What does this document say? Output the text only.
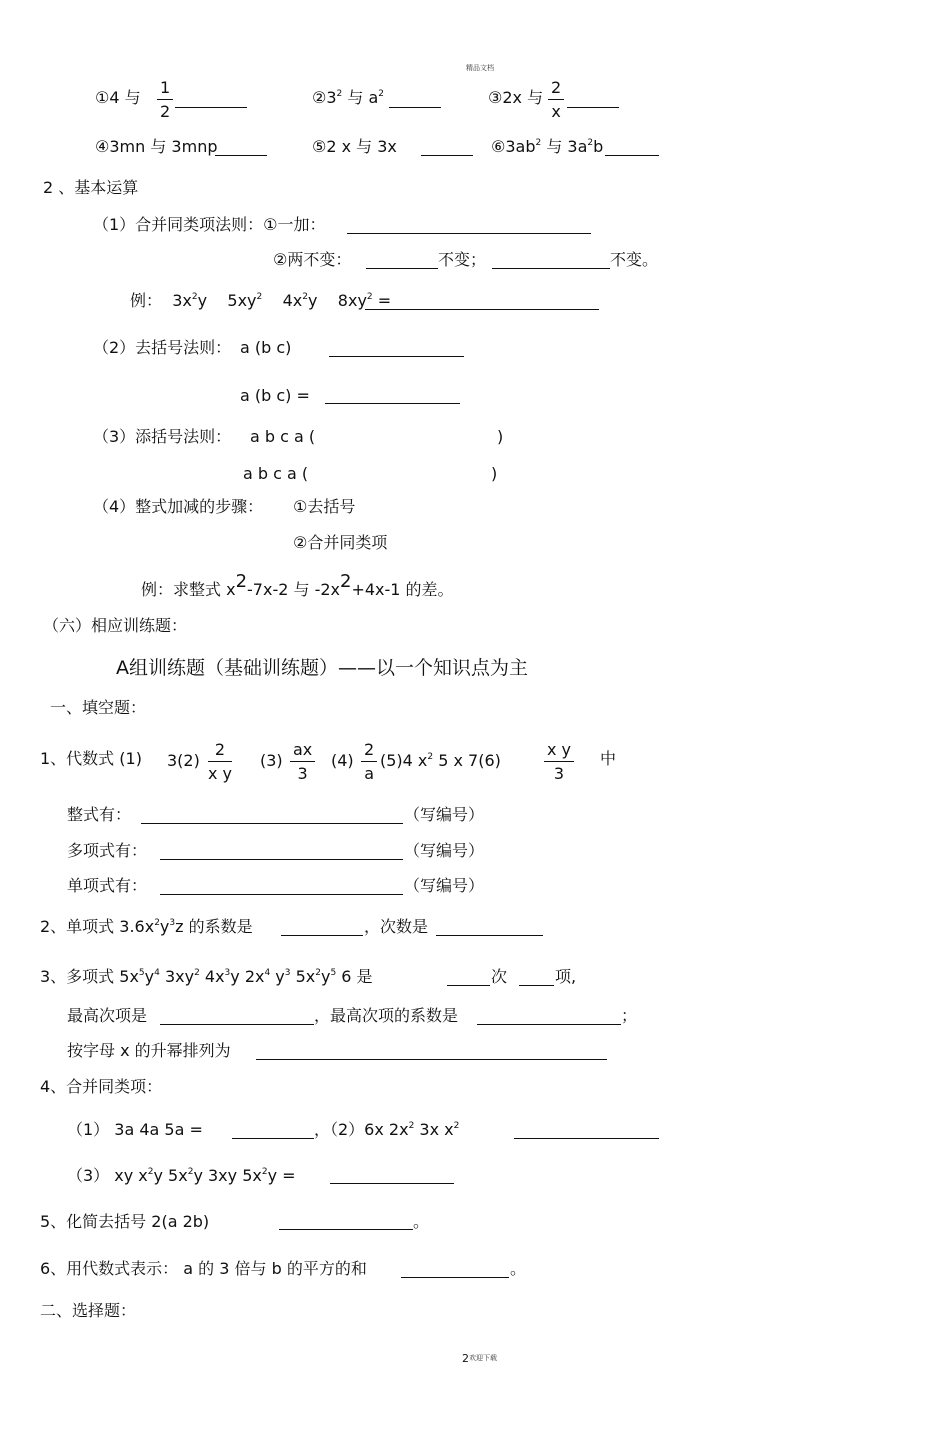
精品文档
①4 与
1
2
$②3^2$ 与 $a^2$	③2x 与
2
x
④3mn 与 3mnp	⑤2 x 与 3x	$⑥3ab^2$ 与 $3a^2b$
2 、基本运算
（1）合并同类项法则：①一加：
②两不变：	不变；	不变。
例： $3x^2y$ $5xy^2$ $4x^2y$ $8xy^2$ =
（2）去括号法则： a (b c)
a (b c) =
（3）添括号法则： a b c a (	)
a b c a (	)
（4）整式加减的步骤： ①去括号
②合并同类项
例：求整式 x2-7x-2 与 -2x2+4x-1 的差。
（六）相应训练题：
A组训练题（基础训练题）——以一个知识点为主
一、填空题：
1、代数式 (1) 3(2)
2
x y
(3)
ax
3
(4)
2
a
(5)4 $x^2$ 5 x 7(6)
x y
3
中
整式有：	（写编号）
多项式有：	（写编号）
单项式有：	（写编号）
2、单项式 $3.6x^2y^3z$ 的系数是	，次数是
3、多项式 $5x^5y^4$ $3xy^2$ $4x^3y$ $2x^4$ $y^3$ $5x^2y^5$ 6 是	次	项,
最高次项是	，最高次项的系数是	；
按字母 x 的升幂排列为
4、合并同类项：
（1） 3a 4a 5a =	，（2）6x $2x^2$ 3x $x^2$
（3） xy $x^2y$ $5x^2y$ 3xy $5x^2y$ =
5、化简去括号 2(a 2b)	。
6、用代数式表示： a 的 3 倍与 b 的平方的和	。
二、选择题：
2 欢迎下载
